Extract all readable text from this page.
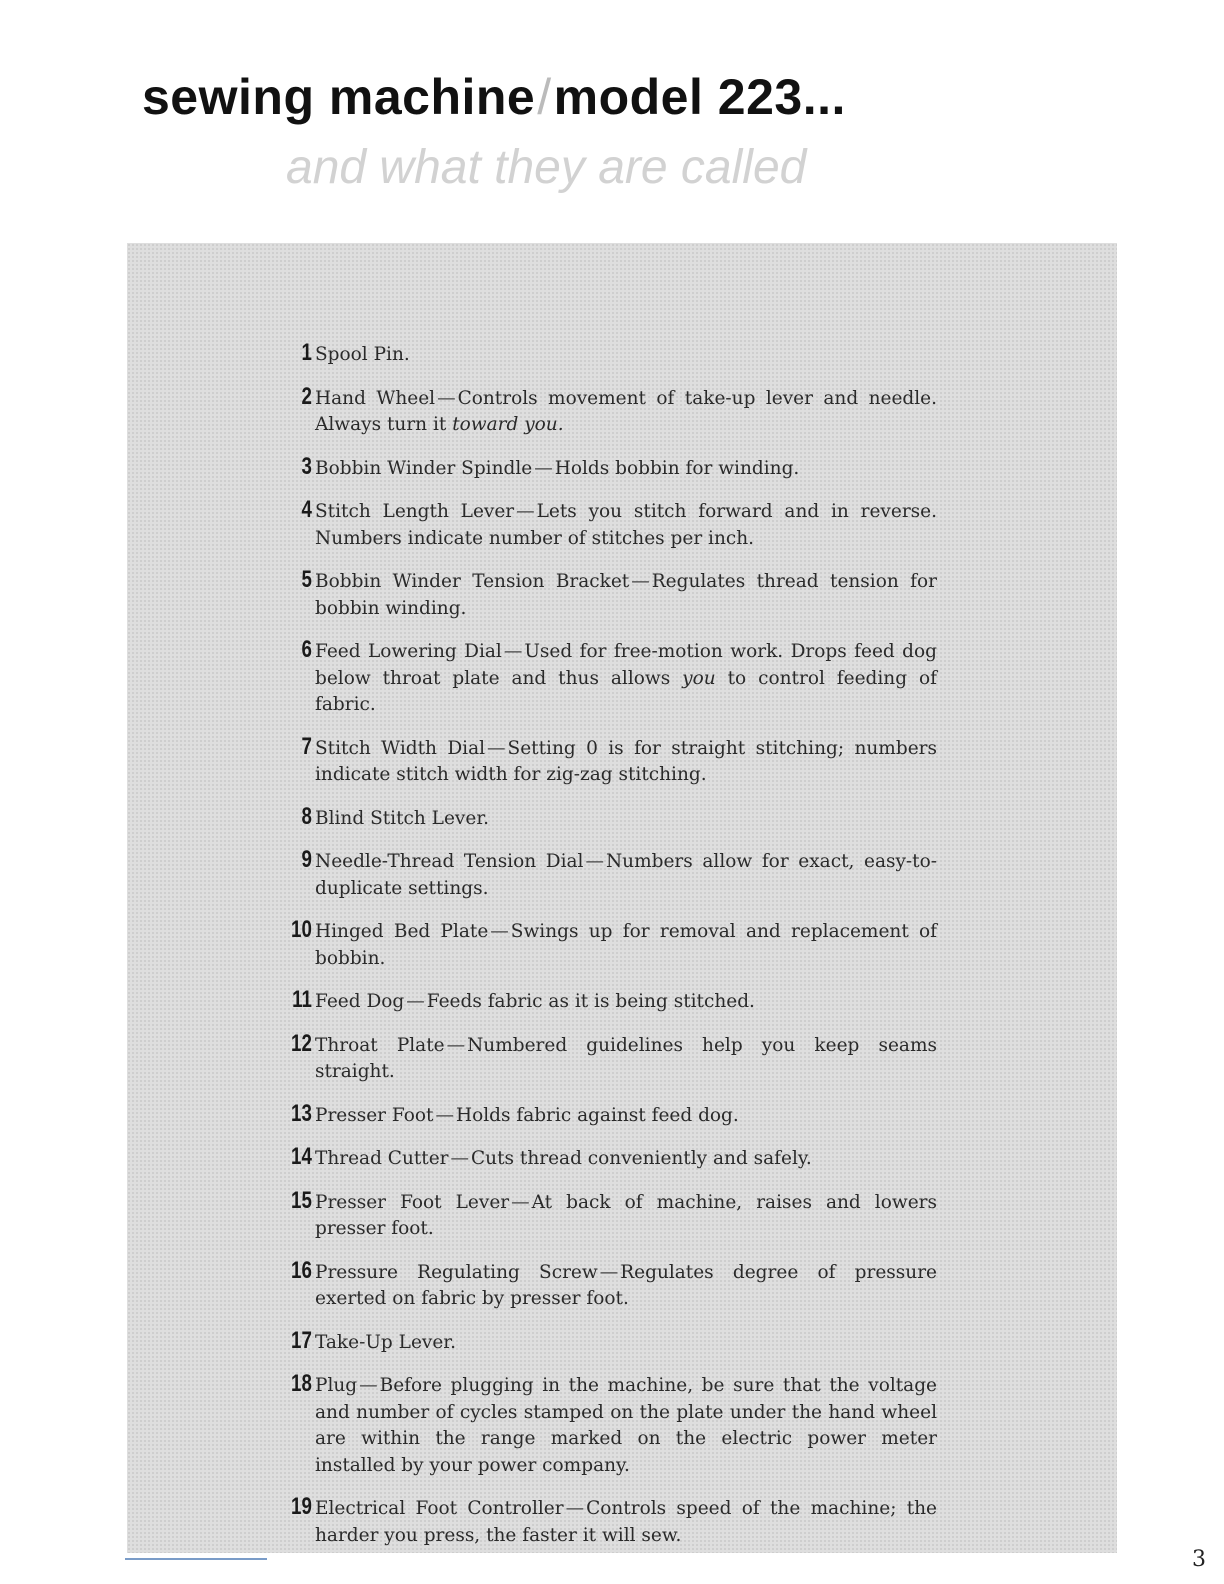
sewing machine/model 223...
and what they are called
1 Spool Pin.
2 Hand Wheel — Controls movement of take-up lever and needle. Always turn it toward you.
3 Bobbin Winder Spindle — Holds bobbin for winding.
4 Stitch Length Lever — Lets you stitch forward and in reverse. Numbers indicate number of stitches per inch.
5 Bobbin Winder Tension Bracket — Regulates thread tension for bobbin winding.
6 Feed Lowering Dial — Used for free-motion work. Drops feed dog below throat plate and thus allows you to control feeding of fabric.
7 Stitch Width Dial — Setting 0 is for straight stitching; numbers indicate stitch width for zig-zag stitching.
8 Blind Stitch Lever.
9 Needle-Thread Tension Dial — Numbers allow for exact, easy-to-duplicate settings.
10 Hinged Bed Plate — Swings up for removal and replacement of bobbin.
11 Feed Dog — Feeds fabric as it is being stitched.
12 Throat Plate — Numbered guidelines help you keep seams straight.
13 Presser Foot — Holds fabric against feed dog.
14 Thread Cutter — Cuts thread conveniently and safely.
15 Presser Foot Lever — At back of machine, raises and lowers presser foot.
16 Pressure Regulating Screw — Regulates degree of pressure exerted on fabric by presser foot.
17 Take-Up Lever.
18 Plug — Before plugging in the machine, be sure that the voltage and number of cycles stamped on the plate under the hand wheel are within the range marked on the electric power meter installed by your power company.
19 Electrical Foot Controller — Controls speed of the machine; the harder you press, the faster it will sew.
3
